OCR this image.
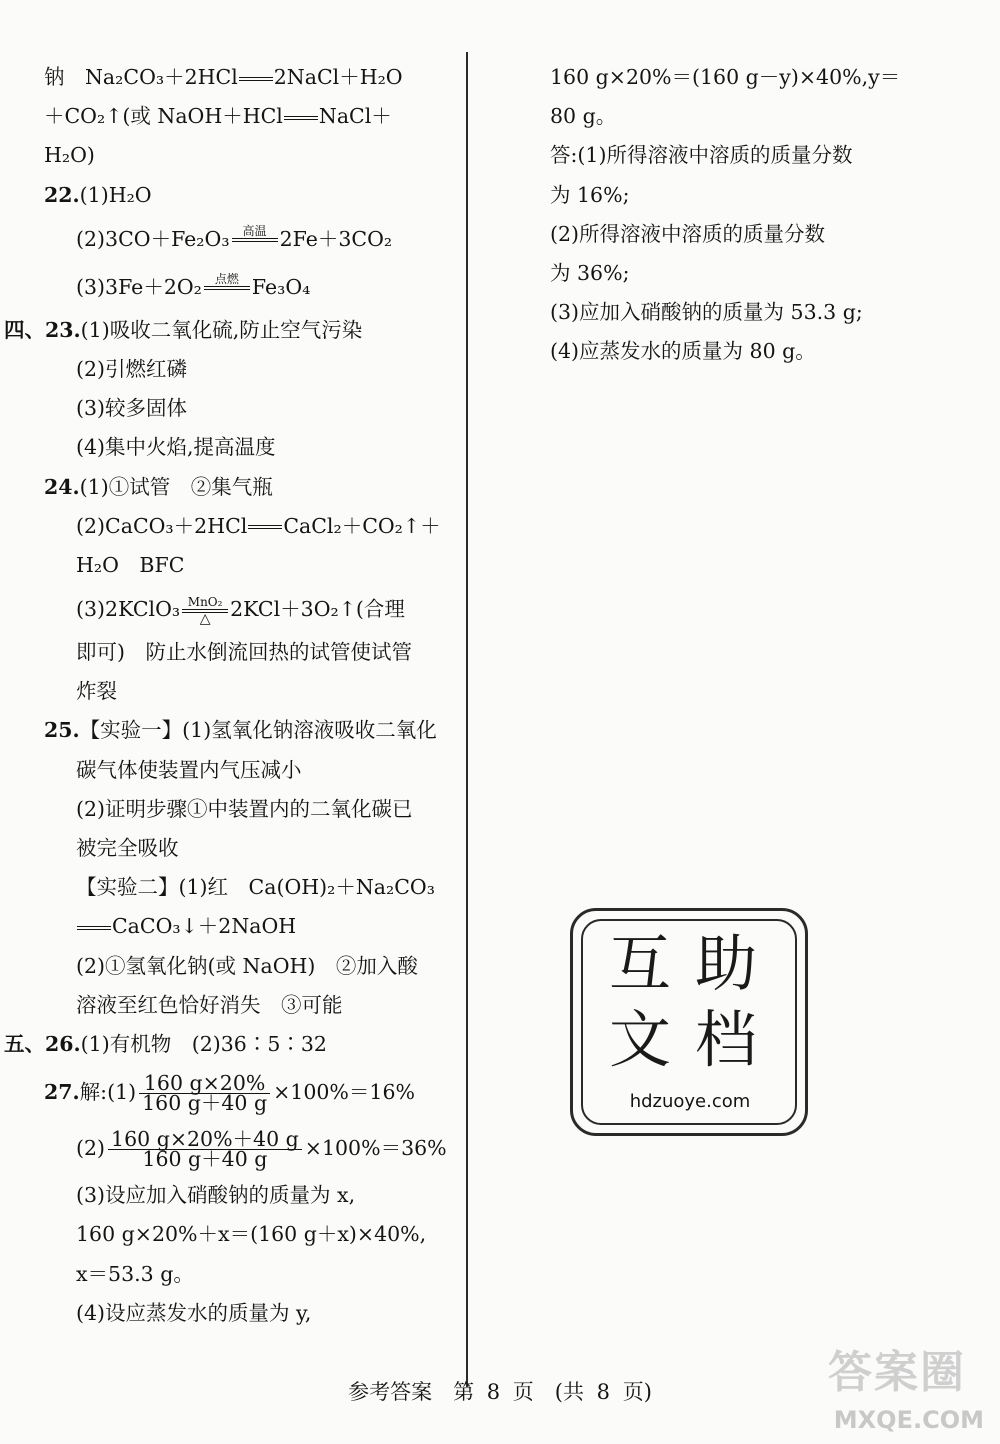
钠　Na₂CO₃＋2HCl 2NaCl＋H₂O
＋CO₂↑(或 NaOH＋HCl NaCl＋
H₂O)
22.(1)H₂O
(2)3CO＋Fe₂O₃	高温 2Fe＋3CO₂
(3)3Fe＋2O₂	点燃 Fe₃O₄
四、23.(1)吸收二氧化硫,防止空气污染
(2)引燃红磷
(3)较多固体
(4)集中火焰,提高温度
24.(1)①试管　②集气瓶
(2)CaCO₃＋2HCl CaCl₂＋CO₂↑＋
H₂O　BFC
(3)2KClO₃ MnO₂
△ 2KCl＋3O₂↑(合理
即可)　防止水倒流回热的试管使试管
炸裂
25.【实验一】(1)氢氧化钠溶液吸收二氧化
碳气体使装置内气压减小
(2)证明步骤①中装置内的二氧化碳已
被完全吸收
【实验二】(1)红　Ca(OH)₂＋Na₂CO₃
CaCO₃↓＋2NaOH
(2)①氢氧化钠(或 NaOH)　②加入酸
溶液至红色恰好消失　③可能
五、26.(1)有机物　(2)36∶5∶32
27.解:(1) $\frac{160 g\times 20\%}{160 g+40 g} \times 100\%=16\%$
$(2) \frac{160 g\times 20\%+40 g}{160 g+40 g} \times 100\%=36\%$
(3)设应加入硝酸钠的质量为 x,
160 g×20%＋x＝(160 g＋x)×40%,
x＝53.3 g。
(4)设应蒸发水的质量为 y,
160 g×20%＝(160 g－y)×40%,y＝
80 g。
答:(1)所得溶液中溶质的质量分数
为 16%;
(2)所得溶液中溶质的质量分数
为 36%;
(3)应加入硝酸钠的质量为 53.3 g;
(4)应蒸发水的质量为 80 g。
互 助
文 档
hdzuoye.com
参考答案　第 8 页　(共 8 页)	答案圈
MXQE.COM
